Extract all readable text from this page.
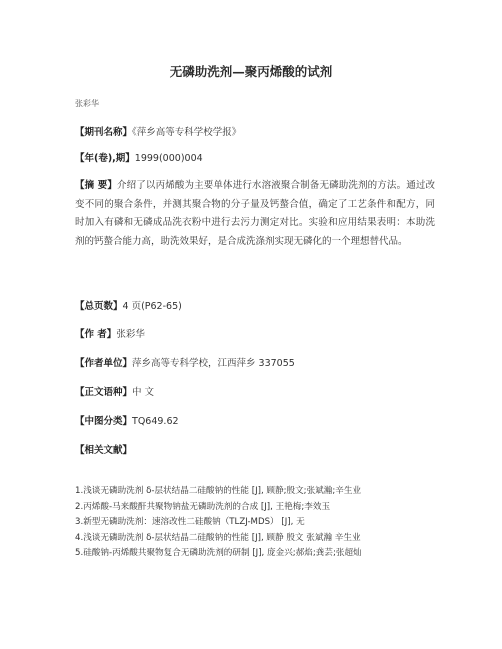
无磷助洗剂—聚丙烯酸的试剂
张彩华
【期刊名称】《萍乡高等专科学校学报》
【年(卷),期】1999(000)004
【摘 要】介绍了以丙烯酸为主要单体进行水溶液聚合制备无磷助洗剂的方法。通过改变不同的聚合条件，并测其聚合物的分子量及钙螯合值，确定了工艺条件和配方，同时加入有磷和无磷成品洗衣粉中进行去污力测定对比。实验和应用结果表明：本助洗剂的钙螯合能力高，助洗效果好，是合成洗涤剂实现无磷化的一个理想替代品。
【总页数】4 页(P62-65)
【作 者】张彩华
【作者单位】萍乡高等专科学校，江西萍乡 337055
【正文语种】中 文
【中图分类】TQ649.62
【相关文献】
1.浅谈无磷助洗剂 δ-层状结晶二硅酸钠的性能 [J], 顾静;殷文;张斌瀚;辛生业
2.丙烯酸-马来酸酐共聚物钠盐无磷助洗剂的合成 [J], 王艳梅;李效玉
3.新型无磷助洗剂：速溶改性二硅酸钠（TLZJ-MDS） [J], 无
4.浅谈无磷助洗剂 δ-层状结晶二硅酸钠的性能 [J], 顾静 殷文 张斌瀚 辛生业
5.硅酸钠-丙烯酸共聚物复合无磷助洗剂的研制 [J], 庞金兴;郝焰;龚芸;张超灿
